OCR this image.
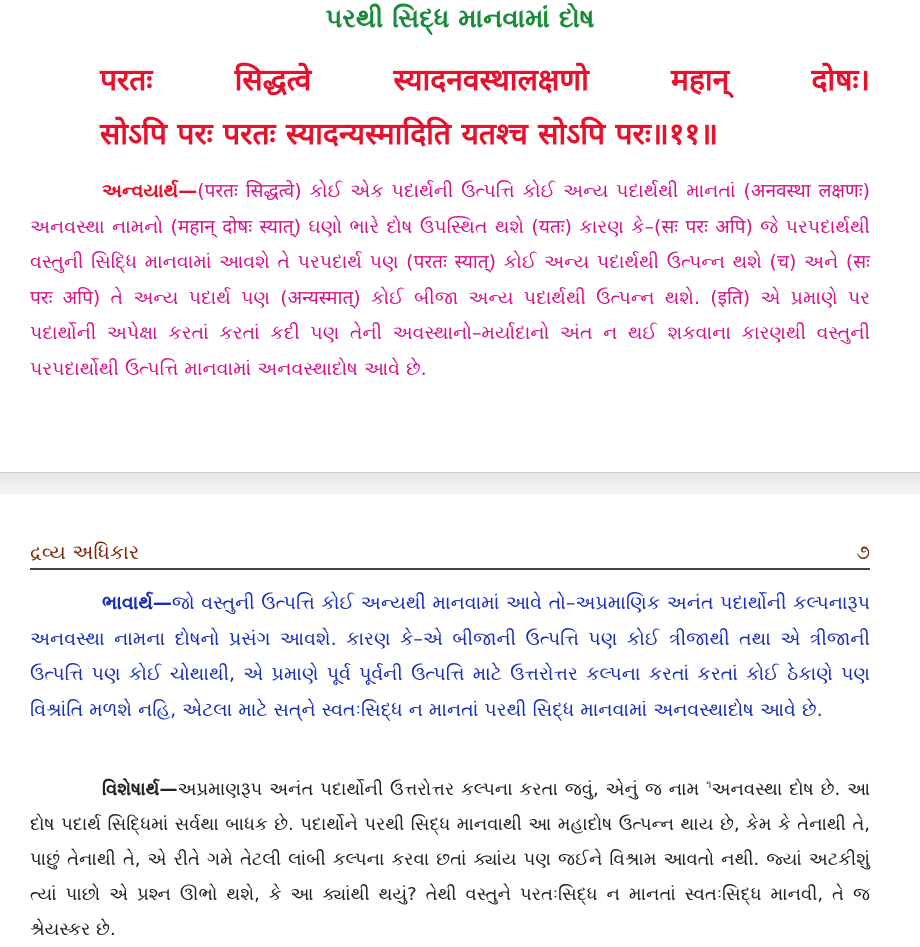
પરથી સિદ્ધ માનવામાં દોષ
परतः	सिद्धत्वे	स्यादनवस्थालक्षणो	महान्	दोषः।
सोऽपि परः परतः स्यादन्यस्मादिति यतश्च सोऽपि परः॥११॥

અન્વયાર્થ—(परतः सिद्धत्वे) કોઈ એક પદાર્થની ઉત્પત્તિ કોઈ અન્ય પદાર્થથી માનતાં (अनवस्था लक्षणः) અનવસ્થા નામનો (महान् दोषः स्यात्) ઘણો ભારે દોષ ઉપસ્થિત થશે (यतः) કારણ કે–(सः परः अपि) જે પરપદાર્થથી વસ્તુની સિદ્ધિ માનવામાં આવશે તે પરપદાર્થ પણ (परतः स्यात्) કોઈ અન્ય પદાર્થથી ઉત્પન્ન થશે (च) અને (सः परः अपि) તે અન્ય પદાર્થ પણ (अन्यस्मात्) કોઈ બીજા અન્ય પદાર્થથી ઉત્પન્ન થશે. (इति) એ પ્રમાણે પર પદાર્થોની અપેક્ષા કરતાં કરતાં કદી પણ તેની અવસ્થાનો–મર્યાદાનો અંત ન થઈ શકવાના કારણથી વસ્તુની પરપદાર્થોથી ઉત્પત્તિ માનવામાં અનવસ્થાદોષ આવે છે.

દ્રવ્ય અધિકાર	૭

ભાવાર્થ—જો વસ્તુની ઉત્પત્તિ કોઈ અન્યથી માનવામાં આવે તો–અપ્રમાણિક અનંત પદાર્થોની કલ્પનારૂપ અનવસ્થા નામના દોષનો પ્રસંગ આવશે. કારણ કે–એ બીજાની ઉત્પત્તિ પણ કોઈ ત્રીજાથી તથા એ ત્રીજાની ઉત્પત્તિ પણ કોઈ ચોથાથી, એ પ્રમાણે પૂર્વ પૂર્વની ઉત્પત્તિ માટે ઉત્તરોત્તર કલ્પના કરતાં કરતાં કોઈ ઠેકાણે પણ વિશ્રાંતિ મળશે નહિ, એટલા માટે સત્‌ને સ્વતઃસિદ્ધ ન માનતાં પરથી સિદ્ધ માનવામાં અનવસ્થાદોષ આવે છે.

વિશેષાર્થ—અપ્રમાણરૂપ અનંત પદાર્થોની ઉત્તરોત્તર કલ્પના કરતા જવું, એનું જ નામ $^૧$અનવસ્થા દોષ છે. આ દોષ પદાર્થ સિદ્ધિમાં સર્વથા બાધક છે. પદાર્થોને પરથી સિદ્ધ માનવાથી આ મહાદોષ ઉત્પન્ન થાય છે, કેમ કે તેનાથી તે, પાછું તેનાથી તે, એ રીતે ગમે તેટલી લાંબી કલ્પના કરવા છતાં ક્યાંય પણ જઈને વિશ્રામ આવતો નથી. જ્યાં અટકીશું ત્યાં પાછો એ પ્રશ્ન ઊભો થશે, કે આ ક્યાંથી થયું? તેથી વસ્તુને પરતઃસિદ્ધ ન માનતાં સ્વતઃસિદ્ધ માનવી, તે જ શ્રેયસ્કર છે.
